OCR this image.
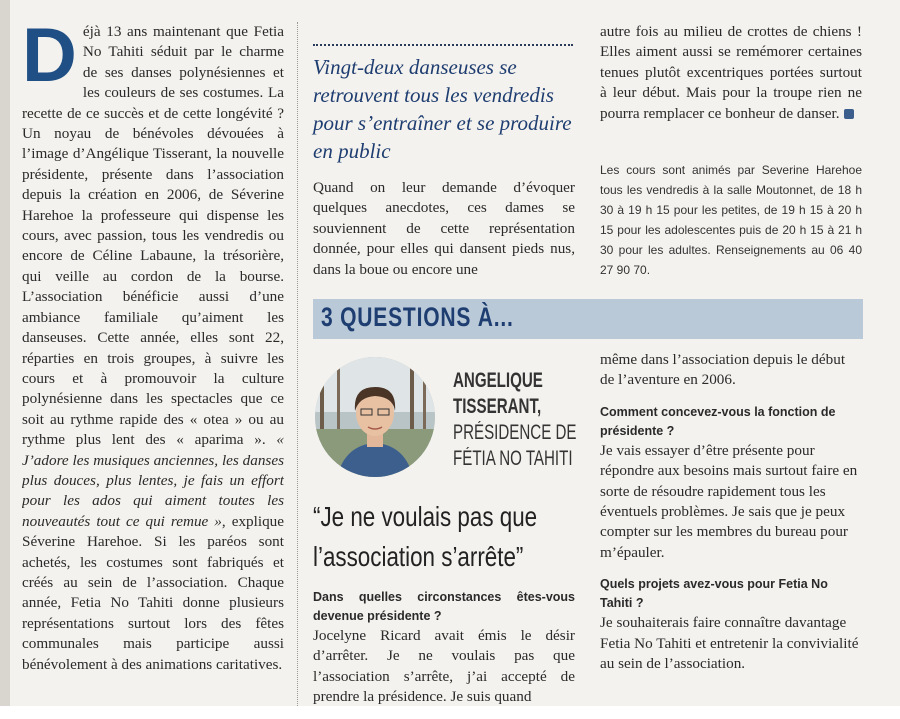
Déjà 13 ans maintenant que Fetia No Tahiti séduit par le charme de ses danses polynésiennes et les couleurs de ses costumes. La recette de ce succès et de cette longévité ? Un noyau de bénévoles dévouées à l’image d’Angélique Tisserant, la nouvelle présidente, présente dans l’association depuis la création en 2006, de Séverine Harehoe la professeure qui dispense les cours, avec passion, tous les vendredis ou encore de Céline Labaune, la trésorière, qui veille au cordon de la bourse. L’association bénéficie aussi d’une ambiance familiale qu’aiment les danseuses. Cette année, elles sont 22, réparties en trois groupes, à suivre les cours et à promouvoir la culture polynésienne dans les spectacles que ce soit au rythme rapide des « otea » ou au rythme plus lent des « aparima ». « J’adore les musiques anciennes, les danses plus douces, plus lentes, je fais un effort pour les ados qui aiment toutes les nouveautés tout ce qui remue », explique Séverine Harehoe. Si les paréos sont achetés, les costumes sont fabriqués et créés au sein de l’association. Chaque année, Fetia No Tahiti donne plusieurs représentations surtout lors des fêtes communales mais participe aussi bénévolement à des animations caritatives.

Vingt-deux danseuses se retrouvent tous les vendredis pour s’entraîner et se produire en public

Quand on leur demande d’évoquer quelques anecdotes, ces dames se souviennent de cette représentation donnée, pour elles qui dansent pieds nus, dans la boue ou encore une

autre fois au milieu de crottes de chiens ! Elles aiment aussi se remémorer certaines tenues plutôt excentriques portées surtout à leur début. Mais pour la troupe rien ne pourra remplacer ce bonheur de danser.

Les cours sont animés par Severine Harehoe tous les vendredis à la salle Moutonnet, de 18 h 30 à 19 h 15 pour les petites, de 19 h 15 à 20 h 15 pour les adolescentes puis de 20 h 15 à 21 h 30 pour les adultes. Renseignements au 06 40 27 90 70.

3 QUESTIONS À...
ANGELIQUE
TISSERANT,
PRÉSIDENCE DE
FÉTIA NO TAHITI
“Je ne voulais pas que
l’association s’arrête”
Dans quelles circonstances êtes-vous devenue présidente ?
Jocelyne Ricard avait émis le désir d’arrêter. Je ne voulais pas que l’association s’arrête, j’ai accepté de prendre la présidence. Je suis quand
même dans l’association depuis le début de l’aventure en 2006.
Comment concevez-vous la fonction de présidente ?
Je vais essayer d’être présente pour répondre aux besoins mais surtout faire en sorte de résoudre rapidement tous les éventuels problèmes. Je sais que je peux compter sur les membres du bureau pour m’épauler.
Quels projets avez-vous pour Fetia No Tahiti ?
Je souhaiterais faire connaître davantage Fetia No Tahiti et entretenir la convivialité au sein de l’association.
